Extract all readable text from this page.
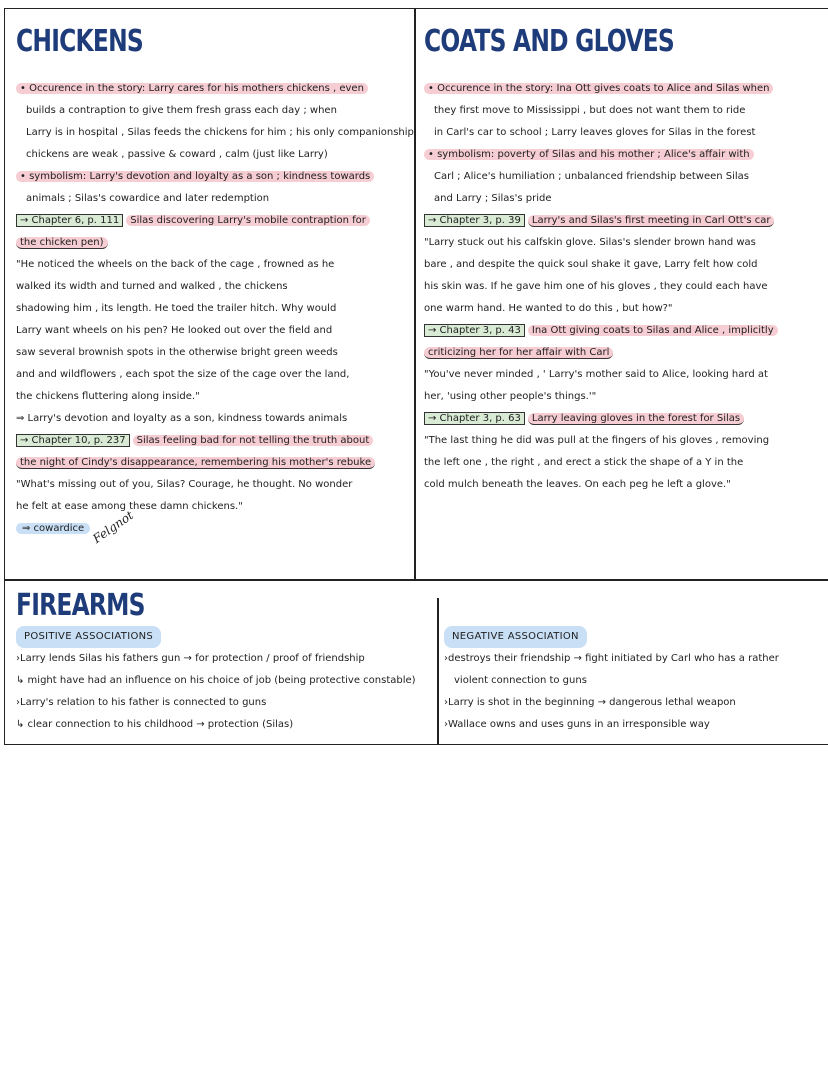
CHICKENS
• Occurence in the story: Larry cares for his mothers chickens , even
builds a contraption to give them fresh grass each day ; when
Larry is in hospital , Silas feeds the chickens for him ; his only companionship,
chickens are weak , passive & coward , calm (just like Larry)
• symbolism: Larry's devotion and loyalty as a son ; kindness towards
animals ; Silas's cowardice and later redemption
→ Chapter 6, p. 111 Silas discovering Larry's mobile contraption for
the chicken pen)
"He noticed the wheels on the back of the cage , frowned as he
walked its width and turned and walked , the chickens
shadowing him , its length. He toed the trailer hitch. Why would
Larry want wheels on his pen? He looked out over the field and
saw several brownish spots in the otherwise bright green weeds
and and wildflowers , each spot the size of the cage over the land,
the chickens fluttering along inside."
⇒ Larry's devotion and loyalty as a son, kindness towards animals
→ Chapter 10, p. 237 Silas feeling bad for not telling the truth about
the night of Cindy's disappearance, remembering his mother's rebuke
"What's missing out of you, Silas? Courage, he thought. No wonder
he felt at ease among these damn chickens."
⇒ cowardice Felgnot
COATS AND GLOVES
• Occurence in the story: Ina Ott gives coats to Alice and Silas when
they first move to Mississippi , but does not want them to ride
in Carl's car to school ; Larry leaves gloves for Silas in the forest
• symbolism: poverty of Silas and his mother ; Alice's affair with
Carl ; Alice's humiliation ; unbalanced friendship between Silas
and Larry ; Silas's pride
→ Chapter 3, p. 39 Larry's and Silas's first meeting in Carl Ott's car
"Larry stuck out his calfskin glove. Silas's slender brown hand was
bare , and despite the quick soul shake it gave, Larry felt how cold
his skin was. If he gave him one of his gloves , they could each have
one warm hand. He wanted to do this , but how?"
→ Chapter 3, p. 43 Ina Ott giving coats to Silas and Alice , implicitly
criticizing her for her affair with Carl
"You've never minded , ' Larry's mother said to Alice, looking hard at
her, 'using other people's things.'"
→ Chapter 3, p. 63 Larry leaving gloves in the forest for Silas
"The last thing he did was pull at the fingers of his gloves , removing
the left one , the right , and erect a stick the shape of a Y in the
cold mulch beneath the leaves. On each peg he left a glove."
FIREARMS
POSITIVE ASSOCIATIONS
›Larry lends Silas his fathers gun → for protection / proof of friendship
↳ might have had an influence on his choice of job (being protective constable)
›Larry's relation to his father is connected to guns
↳ clear connection to his childhood → protection (Silas)
NEGATIVE ASSOCIATION
›destroys their friendship → fight initiated by Carl who has a rather
violent connection to guns
›Larry is shot in the beginning → dangerous lethal weapon
›Wallace owns and uses guns in an irresponsible way
